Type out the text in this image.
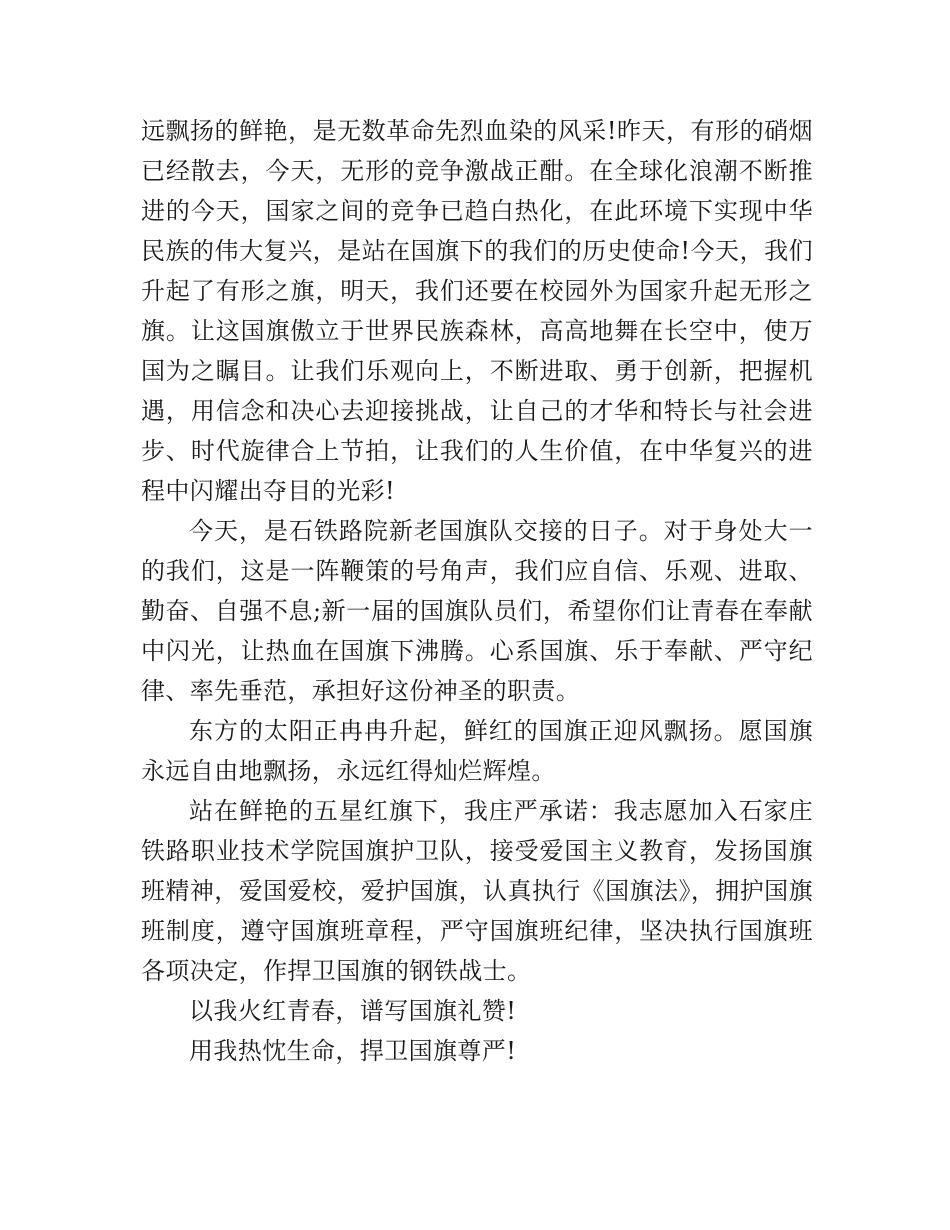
远飘扬的鲜艳，是无数革命先烈血染的风采!昨天，有形的硝烟已经散去，今天，无形的竞争激战正酣。在全球化浪潮不断推进的今天，国家之间的竞争已趋白热化，在此环境下实现中华民族的伟大复兴，是站在国旗下的我们的历史使命!今天，我们升起了有形之旗，明天，我们还要在校园外为国家升起无形之旗。让这国旗傲立于世界民族森林，高高地舞在长空中，使万国为之瞩目。让我们乐观向上，不断进取、勇于创新，把握机遇，用信念和决心去迎接挑战，让自己的才华和特长与社会进步、时代旋律合上节拍，让我们的人生价值，在中华复兴的进程中闪耀出夺目的光彩!

今天，是石铁路院新老国旗队交接的日子。对于身处大一的我们，这是一阵鞭策的号角声，我们应自信、乐观、进取、勤奋、自强不息;新一届的国旗队员们，希望你们让青春在奉献中闪光，让热血在国旗下沸腾。心系国旗、乐于奉献、严守纪律、率先垂范，承担好这份神圣的职责。

东方的太阳正冉冉升起，鲜红的国旗正迎风飘扬。愿国旗永远自由地飘扬，永远红得灿烂辉煌。

站在鲜艳的五星红旗下，我庄严承诺：我志愿加入石家庄铁路职业技术学院国旗护卫队，接受爱国主义教育，发扬国旗班精神，爱国爱校，爱护国旗，认真执行《国旗法》，拥护国旗班制度，遵守国旗班章程，严守国旗班纪律，坚决执行国旗班各项决定，作捍卫国旗的钢铁战士。

以我火红青春，谱写国旗礼赞!

用我热忱生命，捍卫国旗尊严!
